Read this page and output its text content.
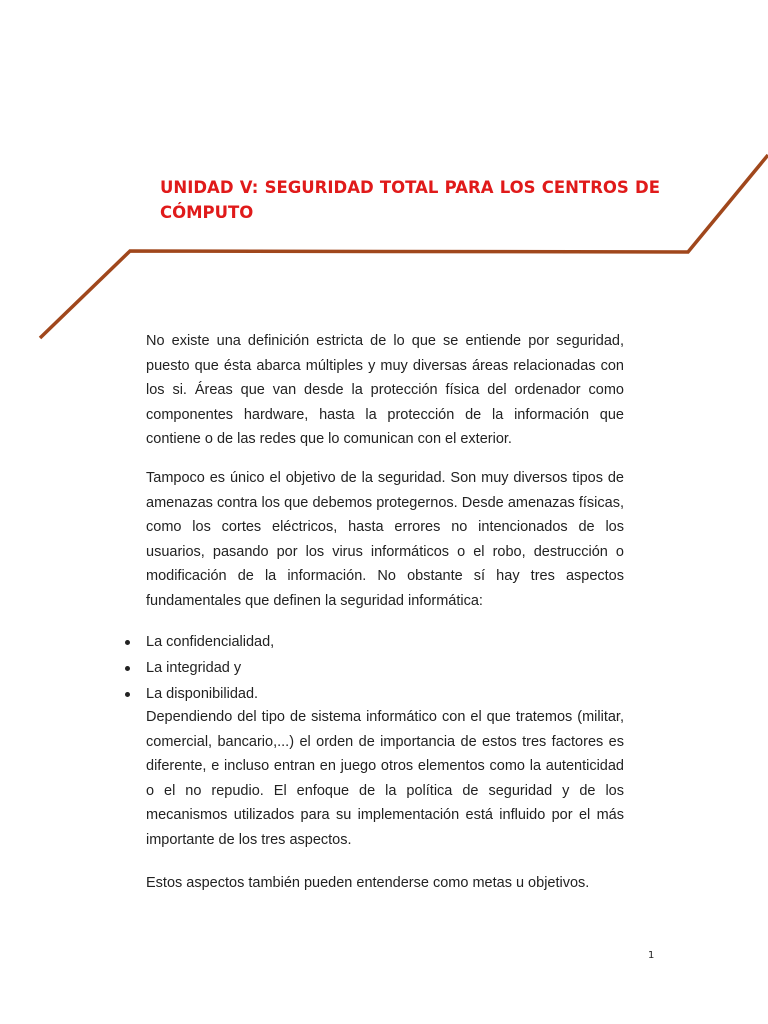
UNIDAD V: SEGURIDAD TOTAL PARA LOS CENTROS DE
CÓMPUTO

No existe una definición estricta de lo que se entiende por seguridad, puesto que ésta abarca múltiples y muy diversas áreas relacionadas con los si. Áreas que van desde la protección física del ordenador como componentes hardware, hasta la protección de la información que contiene o de las redes que lo comunican con el exterior.

Tampoco es único el objetivo de la seguridad. Son muy diversos tipos de amenazas contra los que debemos protegernos. Desde amenazas físicas, como los cortes eléctricos, hasta errores no intencionados de los usuarios, pasando por los virus informáticos o el robo, destrucción o modificación de la información. No obstante sí hay tres aspectos fundamentales que definen la seguridad informática:

La confidencialidad,
La integridad y
La disponibilidad.

Dependiendo del tipo de sistema informático con el que tratemos (militar, comercial, bancario,...) el orden de importancia de estos tres factores es diferente, e incluso entran en juego otros elementos como la autenticidad o el no repudio. El enfoque de la política de seguridad y de los mecanismos utilizados para su implementación está influido por el más importante de los tres aspectos.

Estos aspectos también pueden entenderse como metas u objetivos.

1
